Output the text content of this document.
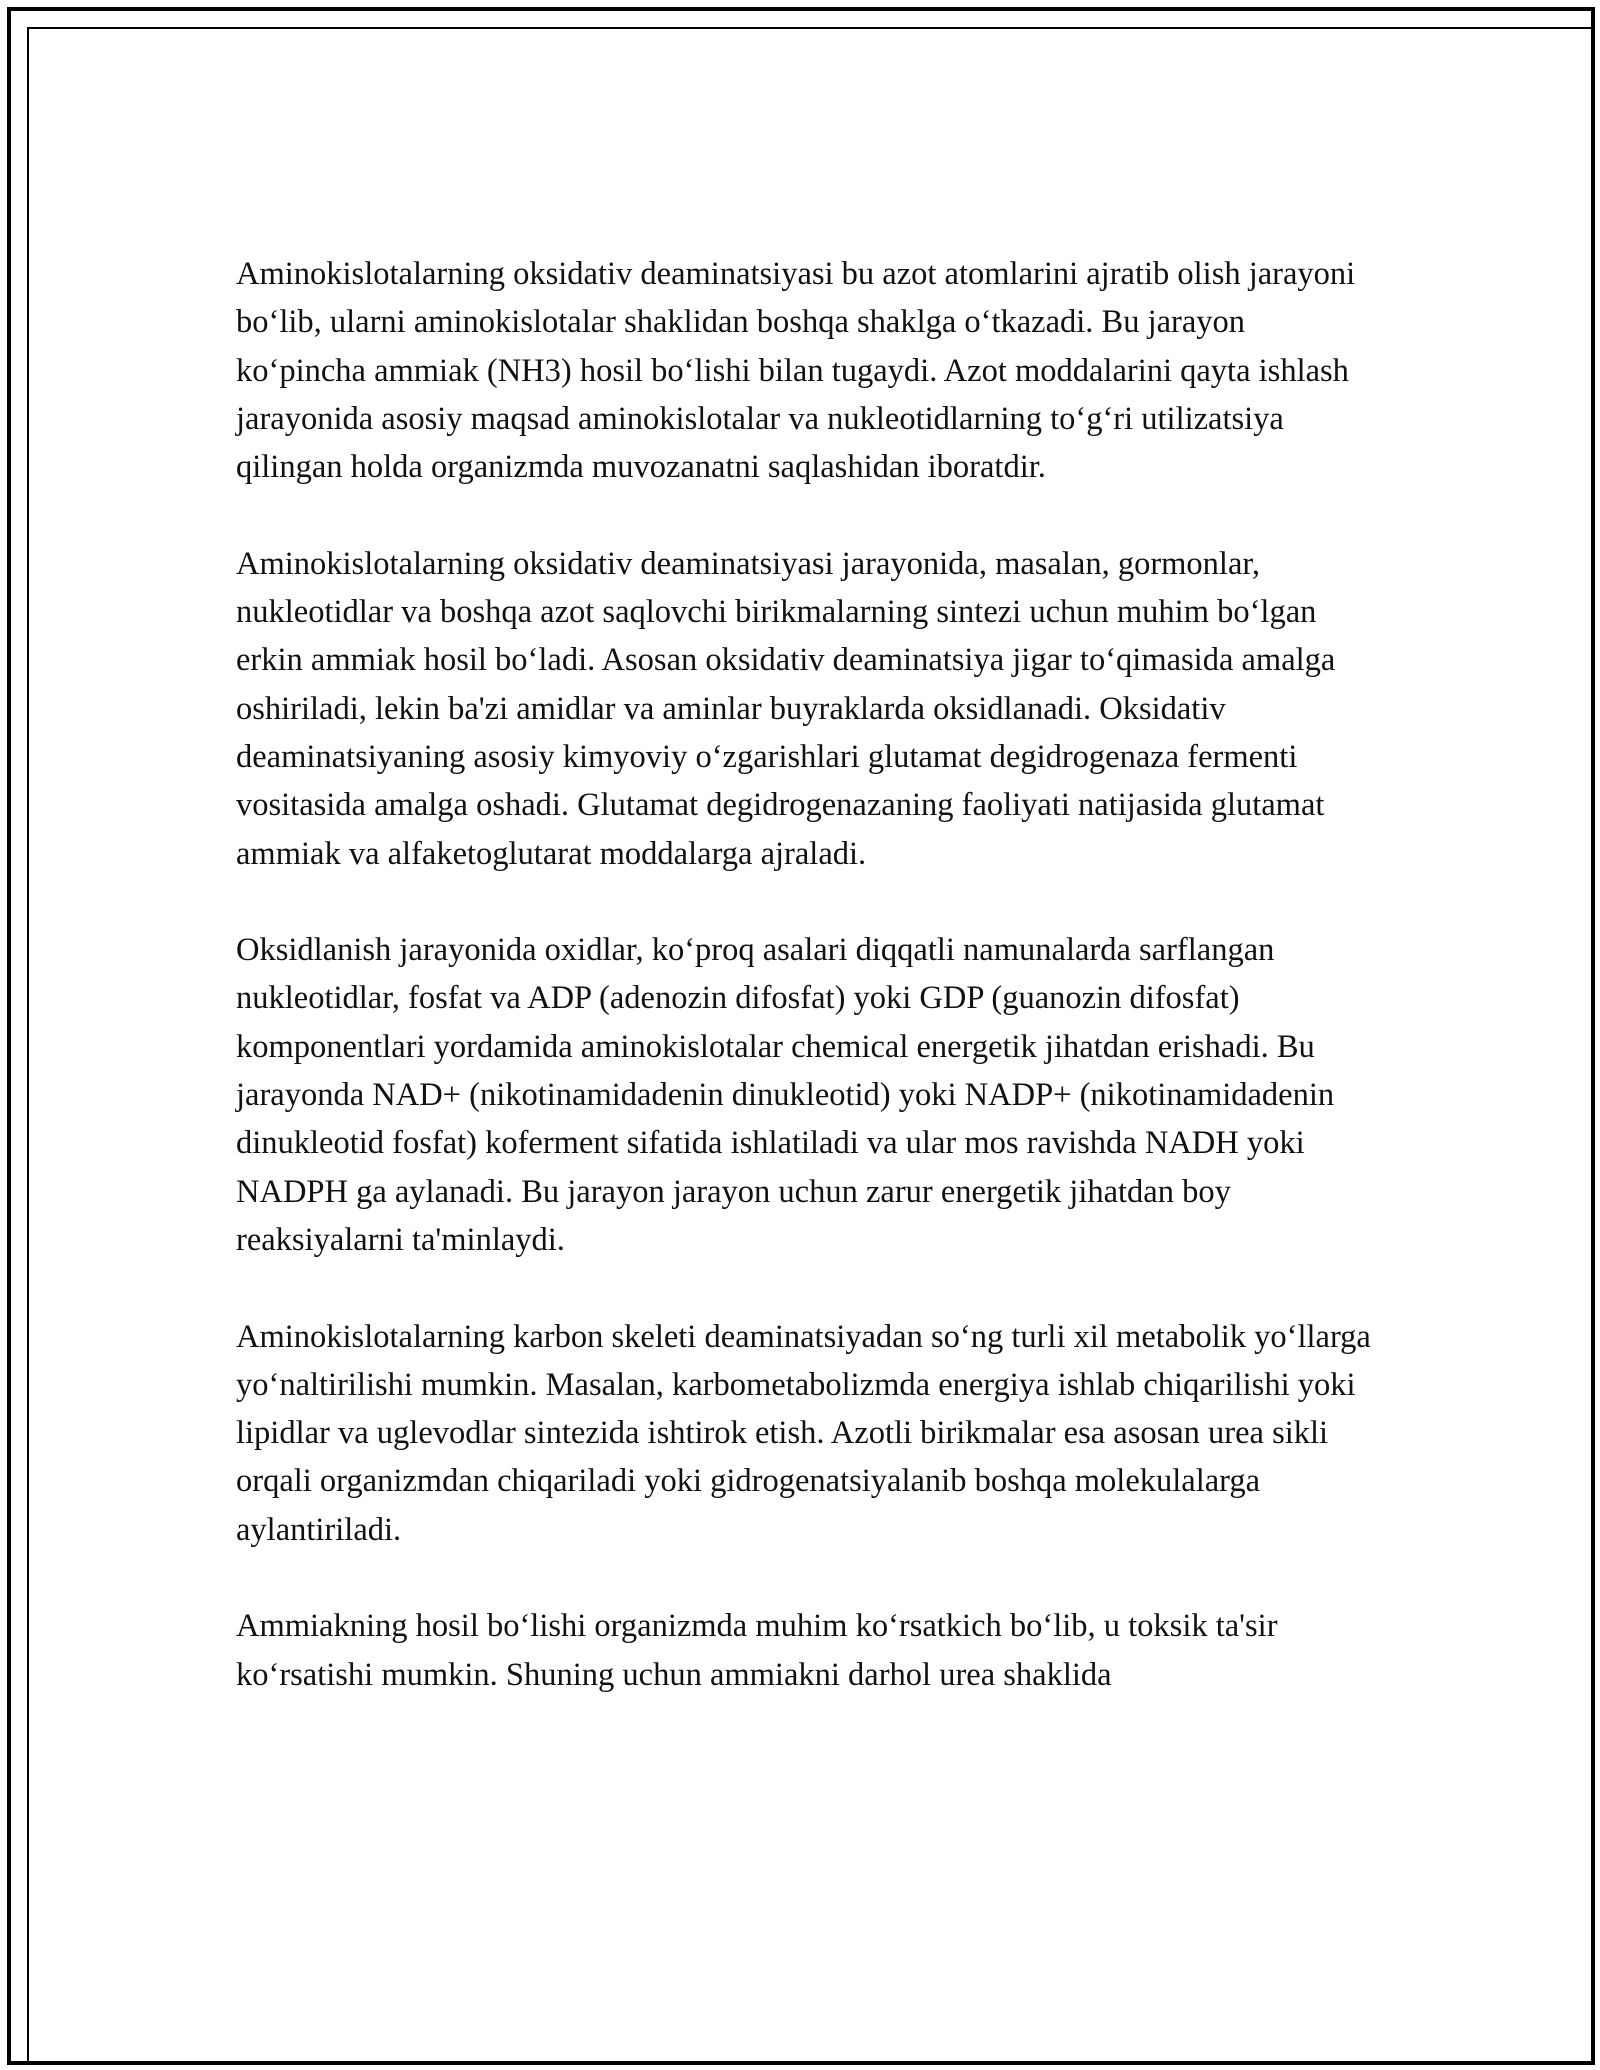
Aminokislotalarning oksidativ deaminatsiyasi bu azot atomlarini ajratib olish jarayoni bo‘lib, ularni aminokislotalar shaklidan boshqa shaklga o‘tkazadi. Bu jarayon ko‘pincha ammiak (NH3) hosil bo‘lishi bilan tugaydi. Azot moddalarini qayta ishlash jarayonida asosiy maqsad aminokislotalar va nukleotidlarning to‘g‘ri utilizatsiya qilingan holda organizmda muvozanatni saqlashidan iboratdir.

Aminokislotalarning oksidativ deaminatsiyasi jarayonida, masalan, gormonlar, nukleotidlar va boshqa azot saqlovchi birikmalarning sintezi uchun muhim bo‘lgan erkin ammiak hosil bo‘ladi. Asosan oksidativ deaminatsiya jigar to‘qimasida amalga oshiriladi, lekin ba'zi amidlar va aminlar buyraklarda oksidlanadi. Oksidativ deaminatsiyaning asosiy kimyoviy o‘zgarishlari glutamat degidrogenaza fermenti vositasida amalga oshadi. Glutamat degidrogenazaning faoliyati natijasida glutamat ammiak va alfaketoglutarat moddalarga ajraladi.

Oksidlanish jarayonida oxidlar, ko‘proq asalari diqqatli namunalarda sarflangan nukleotidlar, fosfat va ADP (adenozin difosfat) yoki GDP (guanozin difosfat) komponentlari yordamida aminokislotalar chemical energetik jihatdan erishadi. Bu jarayonda NAD+ (nikotinamidadenin dinukleotid) yoki NADP+ (nikotinamidadenin dinukleotid fosfat) koferment sifatida ishlatiladi va ular mos ravishda NADH yoki NADPH ga aylanadi. Bu jarayon jarayon uchun zarur energetik jihatdan boy reaksiyalarni ta'minlaydi.

Aminokislotalarning karbon skeleti deaminatsiyadan so‘ng turli xil metabolik yo‘llarga yo‘naltirilishi mumkin. Masalan, karbometabolizmda energiya ishlab chiqarilishi yoki lipidlar va uglevodlar sintezida ishtirok etish. Azotli birikmalar esa asosan urea sikli orqali organizmdan chiqariladi yoki gidrogenatsiyalanib boshqa molekulalarga aylantiriladi.

Ammiakning hosil bo‘lishi organizmda muhim ko‘rsatkich bo‘lib, u toksik ta'sir ko‘rsatishi mumkin. Shuning uchun ammiakni darhol urea shaklida
